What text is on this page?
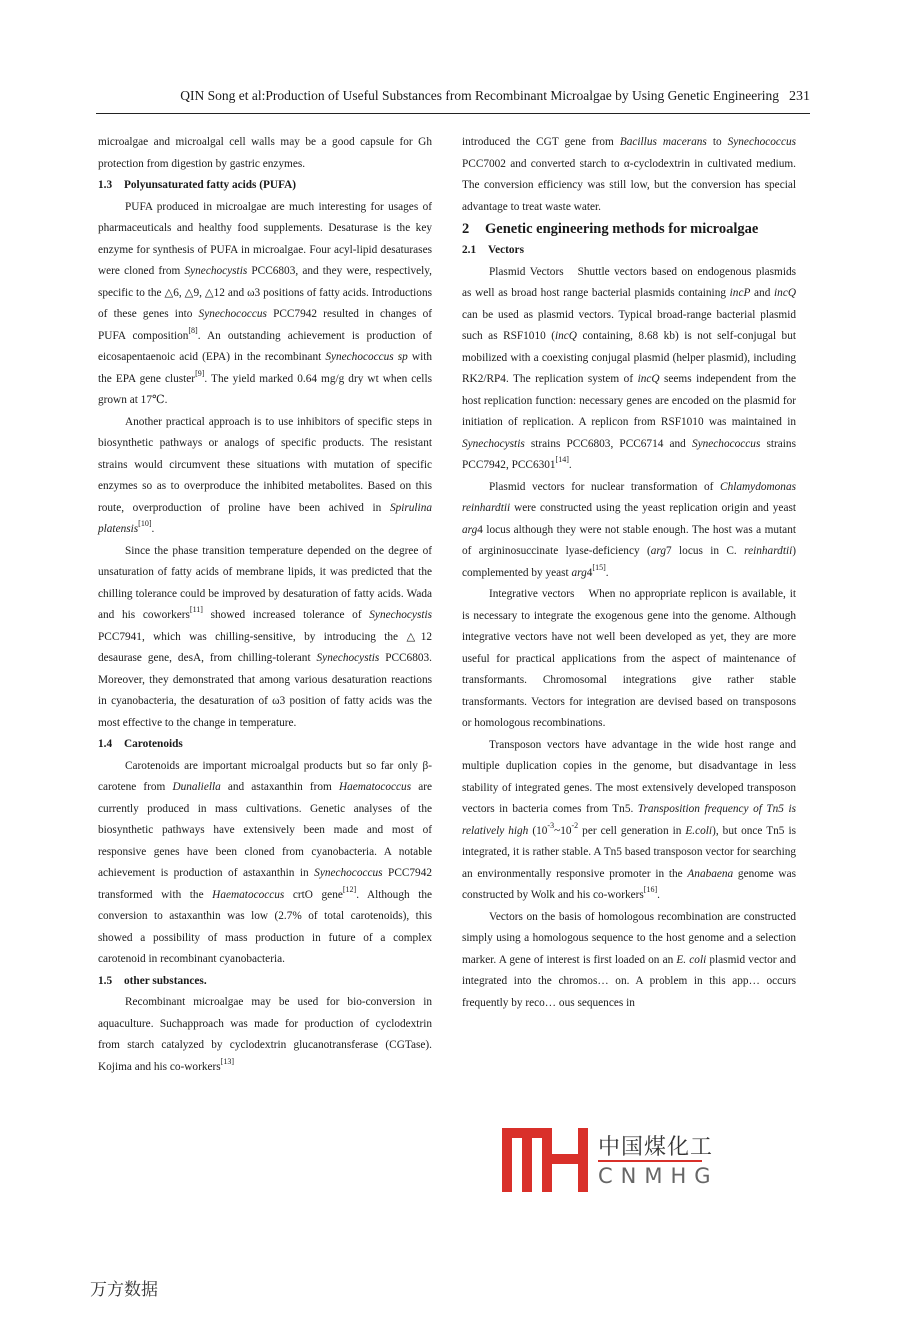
QIN Song et al:Production of Useful Substances from Recombinant Microalgae by Using Genetic Engineering 231

microalgae and microalgal cell walls may be a good capsule for Gh protection from digestion by gastric enzymes.

1.3 Polyunsaturated fatty acids (PUFA)

PUFA produced in microalgae are much interesting for usages of pharmaceuticals and healthy food supplements. Desaturase is the key enzyme for synthesis of PUFA in microalgae. Four acyl-lipid desaturases were cloned from Synechocystis PCC6803, and they were, respectively, specific to the △6, △9, △12 and ω3 positions of fatty acids. Introductions of these genes into Synechococcus PCC7942 resulted in changes of PUFA composition[8]. An outstanding achievement is production of eicosapentaenoic acid (EPA) in the recombinant Synechococcus sp with the EPA gene cluster[9]. The yield marked 0.64 mg/g dry wt when cells grown at 17℃.

Another practical approach is to use inhibitors of specific steps in biosynthetic pathways or analogs of specific products. The resistant strains would circumvent these situations with mutation of specific enzymes so as to overproduce the inhibited metabolites. Based on this route, overproduction of proline have been achived in Spirulina platensis[10].

Since the phase transition temperature depended on the degree of unsaturation of fatty acids of membrane lipids, it was predicted that the chilling tolerance could be improved by desaturation of fatty acids. Wada and his coworkers[11] showed increased tolerance of Synechocystis PCC7941, which was chilling-sensitive, by introducing the △12 desaurase gene, desA, from chilling-tolerant Synechocystis PCC6803. Moreover, they demonstrated that among various desaturation reactions in cyanobacteria, the desaturation of ω3 position of fatty acids was the most effective to the change in temperature.

1.4 Carotenoids

Carotenoids are important microalgal products but so far only β-carotene from Dunaliella and astaxanthin from Haematococcus are currently produced in mass cultivations. Genetic analyses of the biosynthetic pathways have extensively been made and most of responsive genes have been cloned from cyanobacteria. A notable achievement is production of astaxanthin in Synechococcus PCC7942 transformed with the Haematococcus crtO gene[12]. Although the conversion to astaxanthin was low (2.7% of total carotenoids), this showed a possibility of mass production in future of a complex carotenoid in recombinant cyanobacteria.

1.5 other substances.

Recombinant microalgae may be used for bio-conversion in aquaculture. Suchapproach was made for production of cyclodextrin from starch catalyzed by cyclodextrin glucanotransferase (CGTase). Kojima and his co-workers[13]

introduced the CGT gene from Bacillus macerans to Synechococcus PCC7002 and converted starch to α-cyclodextrin in cultivated medium. The conversion efficiency was still low, but the conversion has special advantage to treat waste water.

2 Genetic engineering methods for microalgae

2.1 Vectors

Plasmid Vectors Shuttle vectors based on endogenous plasmids as well as broad host range bacterial plasmids containing incP and incQ can be used as plasmid vectors. Typical broad-range bacterial plasmid such as RSF1010 (incQ containing, 8.68 kb) is not self-conjugal but mobilized with a coexisting conjugal plasmid (helper plasmid), including RK2/RP4. The replication system of incQ seems independent from the host replication function: necessary genes are encoded on the plasmid for initiation of replication. A replicon from RSF1010 was maintained in Synechocystis strains PCC6803, PCC6714 and Synechococcus strains PCC7942, PCC6301[14].

Plasmid vectors for nuclear transformation of Chlamydomonas reinhardtii were constructed using the yeast replication origin and yeast arg4 locus although they were not stable enough. The host was a mutant of argininosuccinate lyase-deficiency (arg7 locus in C. reinhardtii) complemented by yeast arg4[15].

Integrative vectors When no appropriate replicon is available, it is necessary to integrate the exogenous gene into the genome. Although integrative vectors have not well been developed as yet, they are more useful for practical applications from the aspect of maintenance of transformants. Chromosomal integrations give rather stable transformants. Vectors for integration are devised based on transposons or homologous recombinations.

Transposon vectors have advantage in the wide host range and multiple duplication copies in the genome, but disadvantage in less stability of integrated genes. The most extensively developed transposon vectors in bacteria comes from Tn5. Transposition frequency of Tn5 is relatively high ($10^{-3}\sim 10^{-2}$ per cell generation in E.coli), but once Tn5 is integrated, it is rather stable. A Tn5 based transposon vector for searching an environmentally responsive promoter in the Anabaena genome was constructed by Wolk and his co-workers[16].

Vectors on the basis of homologous recombination are constructed simply using a homologous sequence to the host genome and a selection marker. A gene of interest is first loaded on an E. coli plasmid vector and integrated into the chromos… on. A problem in this app… occurs frequently by reco… ous sequences in

中国煤化工
CNMHG
万方数据
